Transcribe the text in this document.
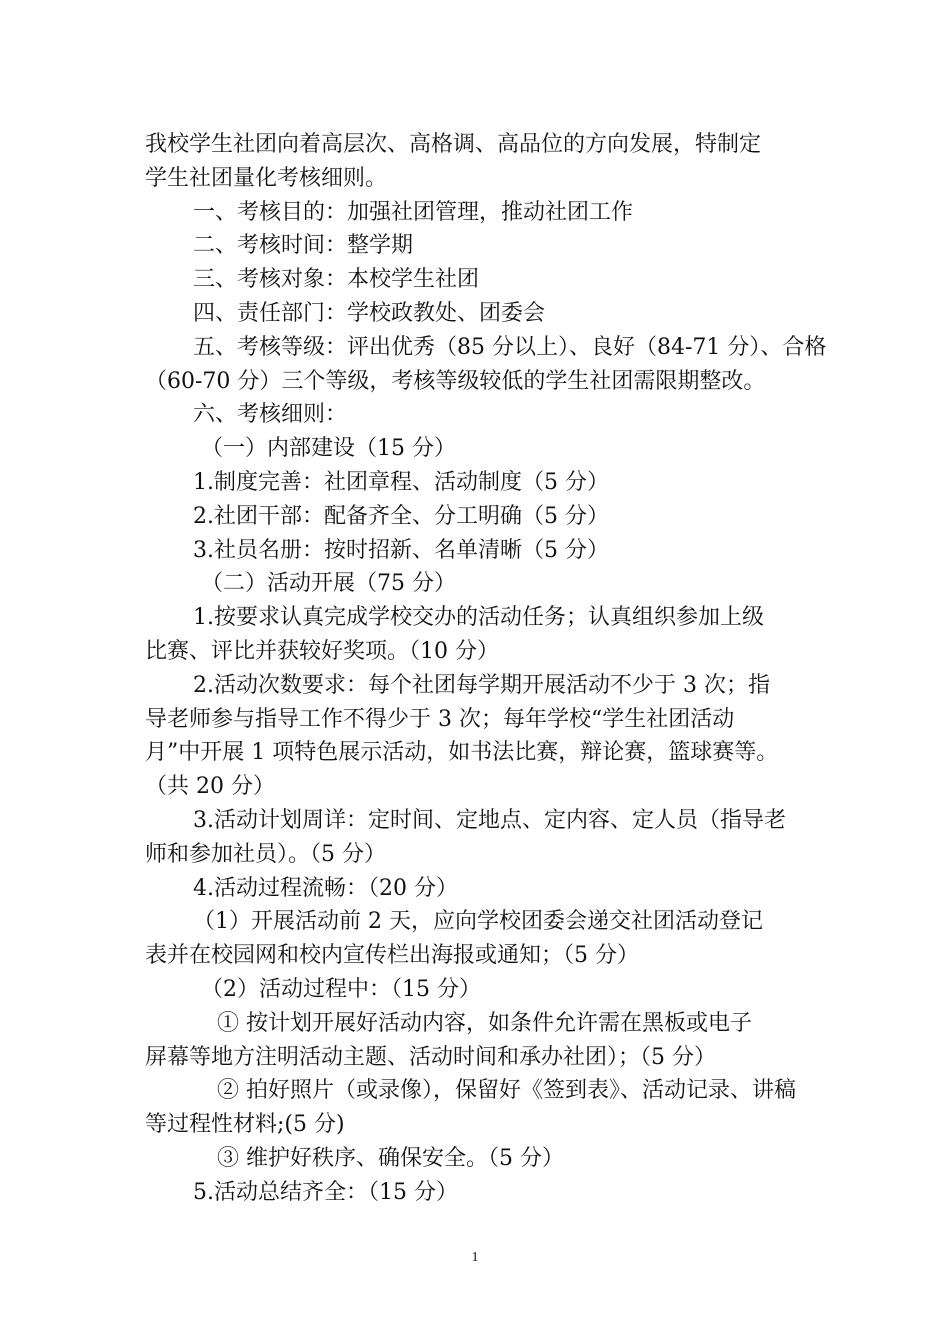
我校学生社团向着高层次、高格调、高品位的方向发展，特制定
学生社团量化考核细则。
一、考核目的：加强社团管理，推动社团工作
二、考核时间：整学期
三、考核对象：本校学生社团
四、责任部门：学校政教处、团委会
五、考核等级：评出优秀（85 分以上）、良好（84-71 分）、合格
（60-70 分）三个等级，考核等级较低的学生社团需限期整改。
六、考核细则：
（一）内部建设（15 分）
1.制度完善：社团章程、活动制度（5 分）
2.社团干部：配备齐全、分工明确（5 分）
3.社员名册：按时招新、名单清晰（5 分）
（二）活动开展（75 分）
1.按要求认真完成学校交办的活动任务；认真组织参加上级
比赛、评比并获较好奖项。（10 分）
2.活动次数要求：每个社团每学期开展活动不少于 3 次；指
导老师参与指导工作不得少于 3 次；每年学校“学生社团活动
月”中开展 1 项特色展示活动，如书法比赛，辩论赛，篮球赛等。
（共 20 分）
3.活动计划周详：定时间、定地点、定内容、定人员（指导老
师和参加社员）。（5 分）
4.活动过程流畅：（20 分）
（1）开展活动前 2 天，应向学校团委会递交社团活动登记
表并在校园网和校内宣传栏出海报或通知；（5 分）
（2）活动过程中：（15 分）
① 按计划开展好活动内容，如条件允许需在黑板或电子
屏幕等地方注明活动主题、活动时间和承办社团）；（5 分）
② 拍好照片（或录像），保留好《签到表》、活动记录、讲稿
等过程性材料;(5 分)
③ 维护好秩序、确保安全。（5 分）
5.活动总结齐全：（15 分）
1
